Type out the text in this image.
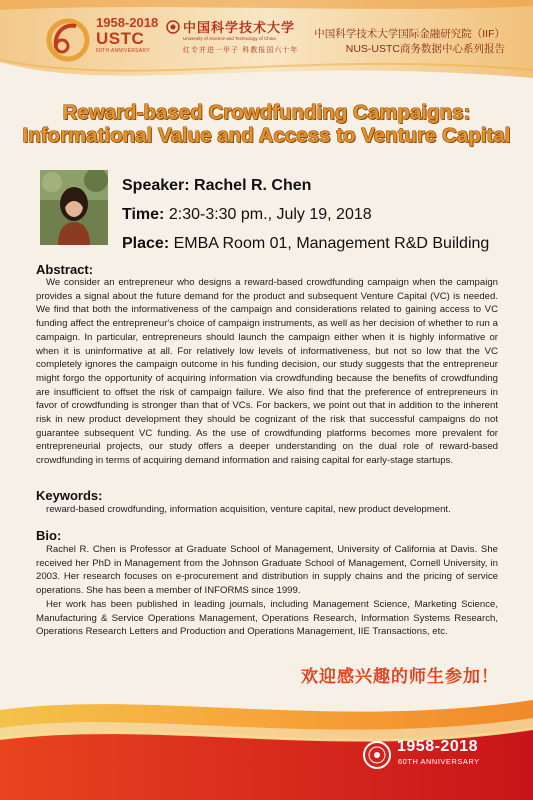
1958-2018
USTC
60TH ANNIVERSARY
中国科学技术大学
University of Science and Technology of China
红专并进一甲子 科教报国六十年
中国科学技术大学国际金融研究院（IIF）
NUS-USTC商务数据中心系列报告
Reward-based Crowdfunding Campaigns:
Informational Value and Access to Venture Capital
Speaker: Rachel R. Chen
Time: 2:30-3:30 pm., July 19, 2018
Place: EMBA Room 01, Management R&D Building
Abstract:

We consider an entrepreneur who designs a reward-based crowdfunding campaign when the campaign provides a signal about the future demand for the product and subsequent Venture Capital (VC) is needed. We find that both the informativeness of the campaign and considerations related to gaining access to VC funding affect the entrepreneur's choice of campaign instruments, as well as her decision of whether to run a campaign. In particular, entrepreneurs should launch the campaign either when it is highly informative or when it is uninformative at all. For relatively low levels of informativeness, but not so low that the VC completely ignores the campaign outcome in his funding decision, our study suggests that the entrepreneur might forgo the opportunity of acquiring information via crowdfunding because the benefits of crowdfunding are insufficient to offset the risk of campaign failure. We also find that the preference of entrepreneurs in favor of crowdfunding is stronger than that of VCs. For backers, we point out that in addition to the inherent risk in new product development they should be cognizant of the risk that successful campaigns do not guarantee subsequent VC funding. As the use of crowdfunding platforms becomes more prevalent for entrepreneurial projects, our study offers a deeper understanding on the dual role of reward-based crowdfunding in terms of acquiring demand information and raising capital for early-stage startups.

Keywords:

reward-based crowdfunding, information acquisition, venture capital, new product development.

Bio:

Rachel R. Chen is Professor at Graduate School of Management, University of California at Davis. She received her PhD in Management from the Johnson Graduate School of Management, Cornell University, in 2003. Her research focuses on e-procurement and distribution in supply chains and the pricing of service operations. She has been a member of INFORMS since 1999.

Her work has been published in leading journals, including Management Science, Marketing Science, Manufacturing & Service Operations Management, Operations Research, Information Systems Research, Operations Research Letters and Production and Operations Management, IIE Transactions, etc.

欢迎感兴趣的师生参加！
1958-2018
60TH ANNIVERSARY
